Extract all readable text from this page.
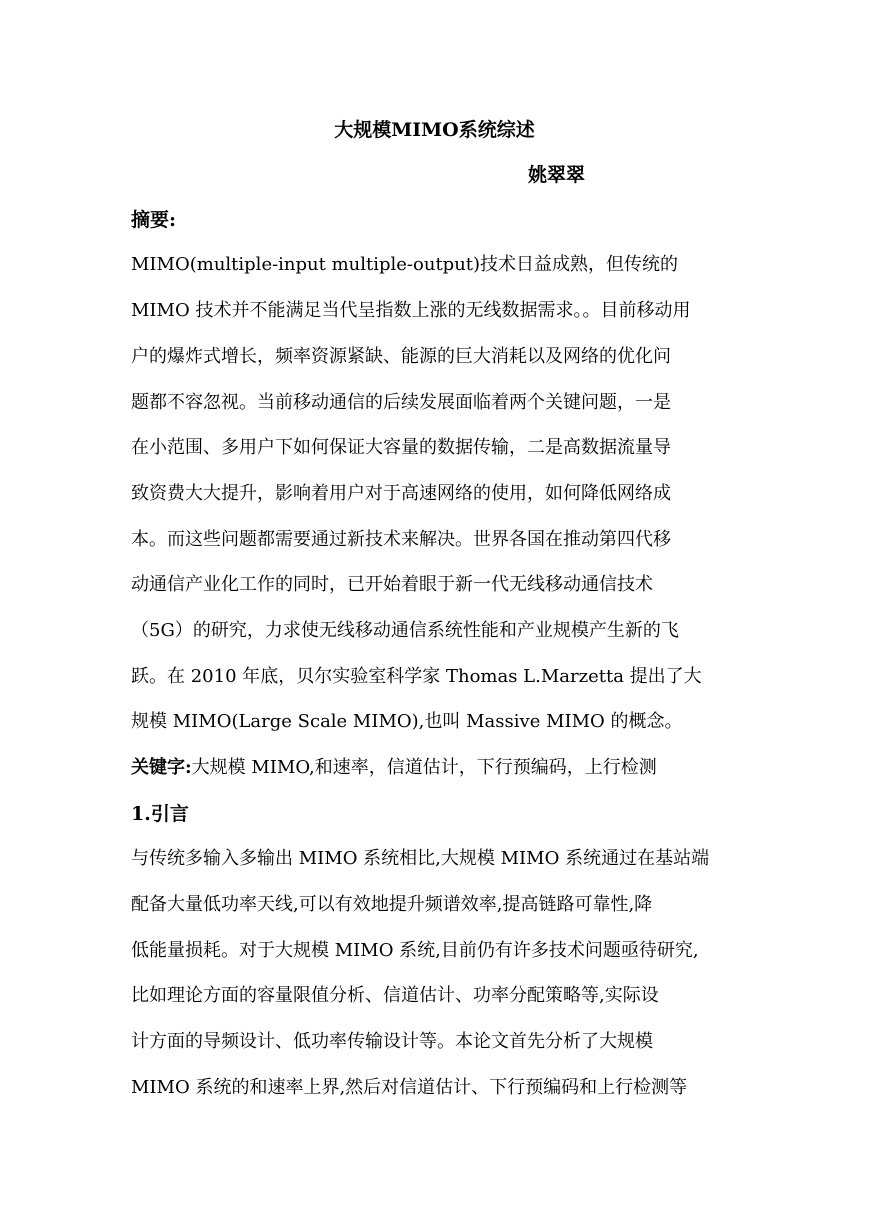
大规模MIMO系统综述
姚翠翠
摘要:
MIMO(multiple-input multiple-output)技术日益成熟，但传统的
MIMO 技术并不能满足当代呈指数上涨的无线数据需求。。目前移动用
户的爆炸式增长，频率资源紧缺、能源的巨大消耗以及网络的优化问
题都不容忽视。当前移动通信的后续发展面临着两个关键问题，一是
在小范围、多用户下如何保证大容量的数据传输，二是高数据流量导
致资费大大提升，影响着用户对于高速网络的使用，如何降低网络成
本。而这些问题都需要通过新技术来解决。世界各国在推动第四代移
动通信产业化工作的同时，已开始着眼于新一代无线移动通信技术
（5G）的研究，力求使无线移动通信系统性能和产业规模产生新的飞
跃。在 2010 年底，贝尔实验室科学家 Thomas L.Marzetta 提出了大
规模 MIMO(Large Scale MIMO),也叫 Massive MIMO 的概念。
关键字:大规模 MIMO,和速率，信道估计，下行预编码，上行检测
1.引言
与传统多输入多输出 MIMO 系统相比,大规模 MIMO 系统通过在基站端
配备大量低功率天线,可以有效地提升频谱效率,提高链路可靠性,降
低能量损耗。对于大规模 MIMO 系统,目前仍有许多技术问题亟待研究,
比如理论方面的容量限值分析、信道估计、功率分配策略等,实际设
计方面的导频设计、低功率传输设计等。本论文首先分析了大规模
MIMO 系统的和速率上界,然后对信道估计、下行预编码和上行检测等
